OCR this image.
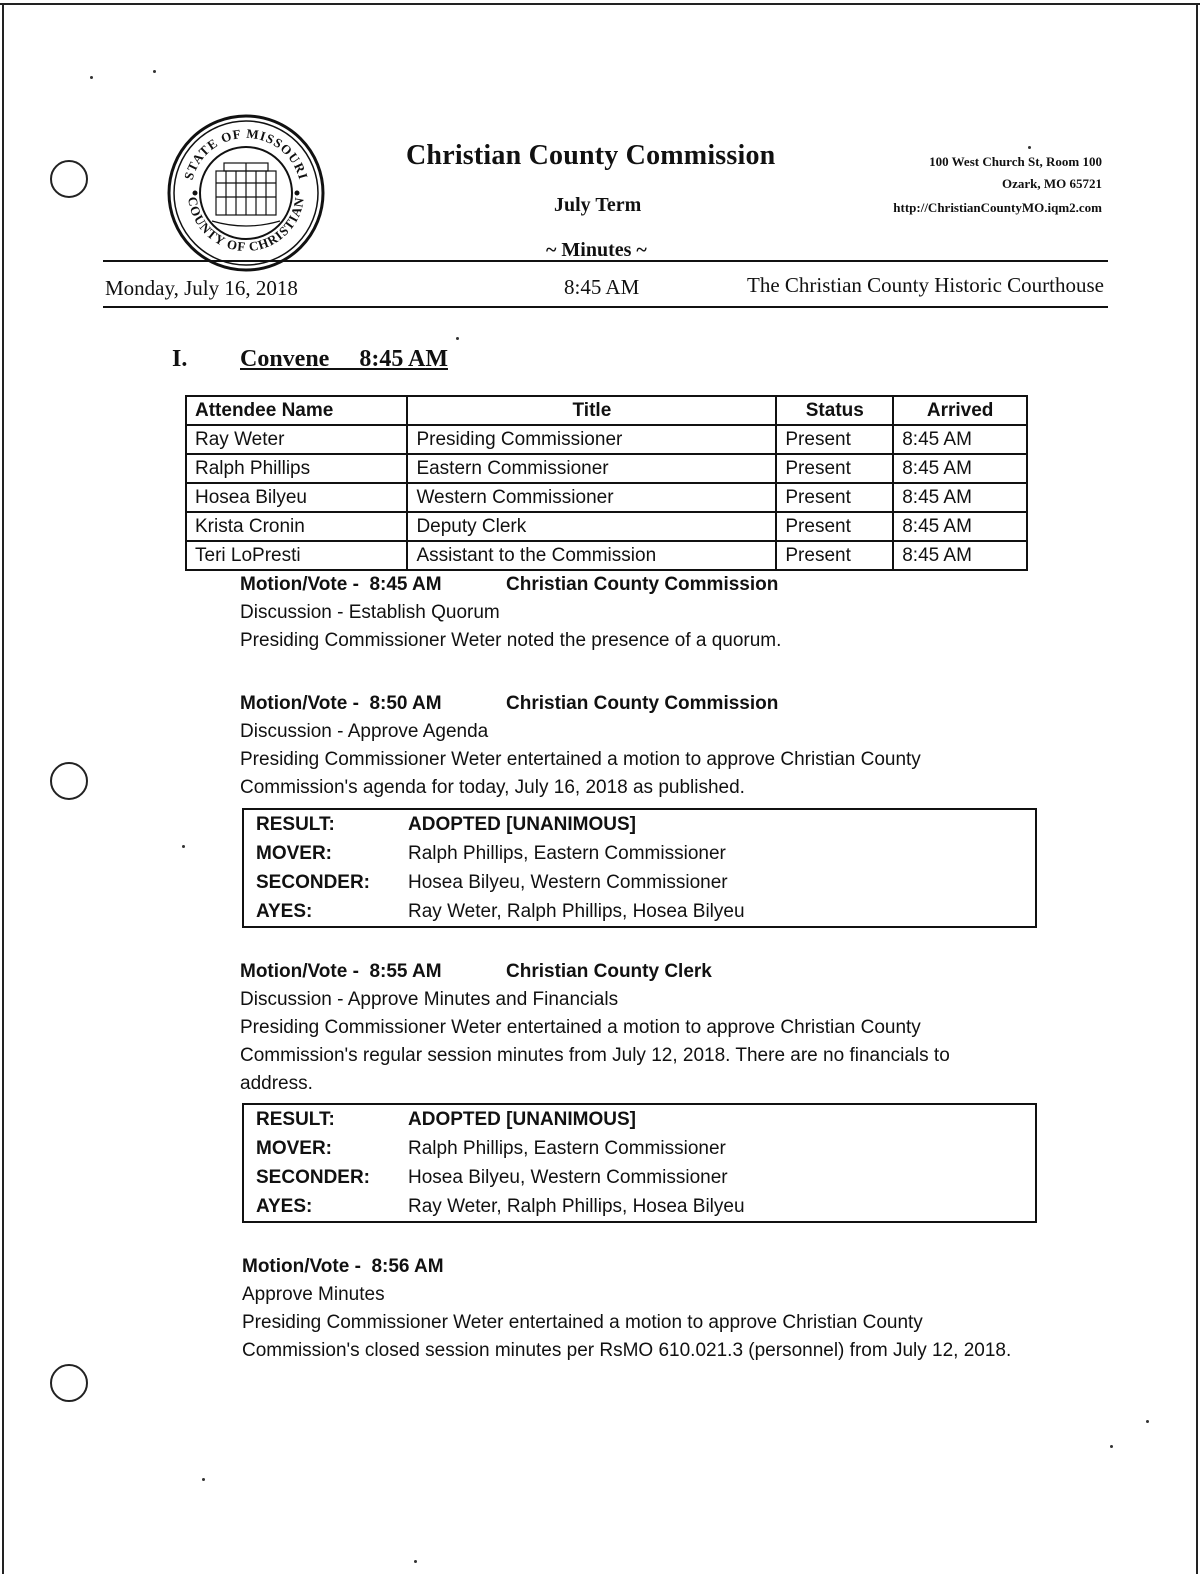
STATE OF MISSOURI
COUNTY OF CHRISTIAN
Christian County Commission
July Term
~ Minutes ~
100 West Church St, Room 100
Ozark, MO 65721
http://ChristianCountyMO.iqm2.com
Monday, July 16, 2018	8:45 AM	The Christian County Historic Courthouse
I. Convene     8:45 AM
Attendee Name	Title	Status	Arrived
Ray Weter	Presiding Commissioner	Present	8:45 AM
Ralph Phillips	Eastern Commissioner	Present	8:45 AM
Hosea Bilyeu	Western Commissioner	Present	8:45 AM
Krista Cronin	Deputy Clerk	Present	8:45 AM
Teri LoPresti	Assistant to the Commission	Present	8:45 AM
Motion/Vote -  8:45 AM	Christian County Commission
Discussion - Establish Quorum
Presiding Commissioner Weter noted the presence of a quorum.
Motion/Vote -  8:50 AM	Christian County Commission
Discussion - Approve Agenda
Presiding Commissioner Weter entertained a motion to approve Christian County Commission's agenda for today, July 16, 2018 as published.
RESULT:	ADOPTED [UNANIMOUS]
MOVER:	Ralph Phillips, Eastern Commissioner
SECONDER:	Hosea Bilyeu, Western Commissioner
AYES:	Ray Weter, Ralph Phillips, Hosea Bilyeu
Motion/Vote -  8:55 AM	Christian County Clerk
Discussion - Approve Minutes and Financials
Presiding Commissioner Weter entertained a motion to approve Christian County Commission's regular session minutes from July 12, 2018. There are no financials to address.
RESULT:	ADOPTED [UNANIMOUS]
MOVER:	Ralph Phillips, Eastern Commissioner
SECONDER:	Hosea Bilyeu, Western Commissioner
AYES:	Ray Weter, Ralph Phillips, Hosea Bilyeu
Motion/Vote -  8:56 AM
Approve Minutes
Presiding Commissioner Weter entertained a motion to approve Christian County Commission's closed session minutes per RsMO 610.021.3 (personnel) from July 12, 2018.
